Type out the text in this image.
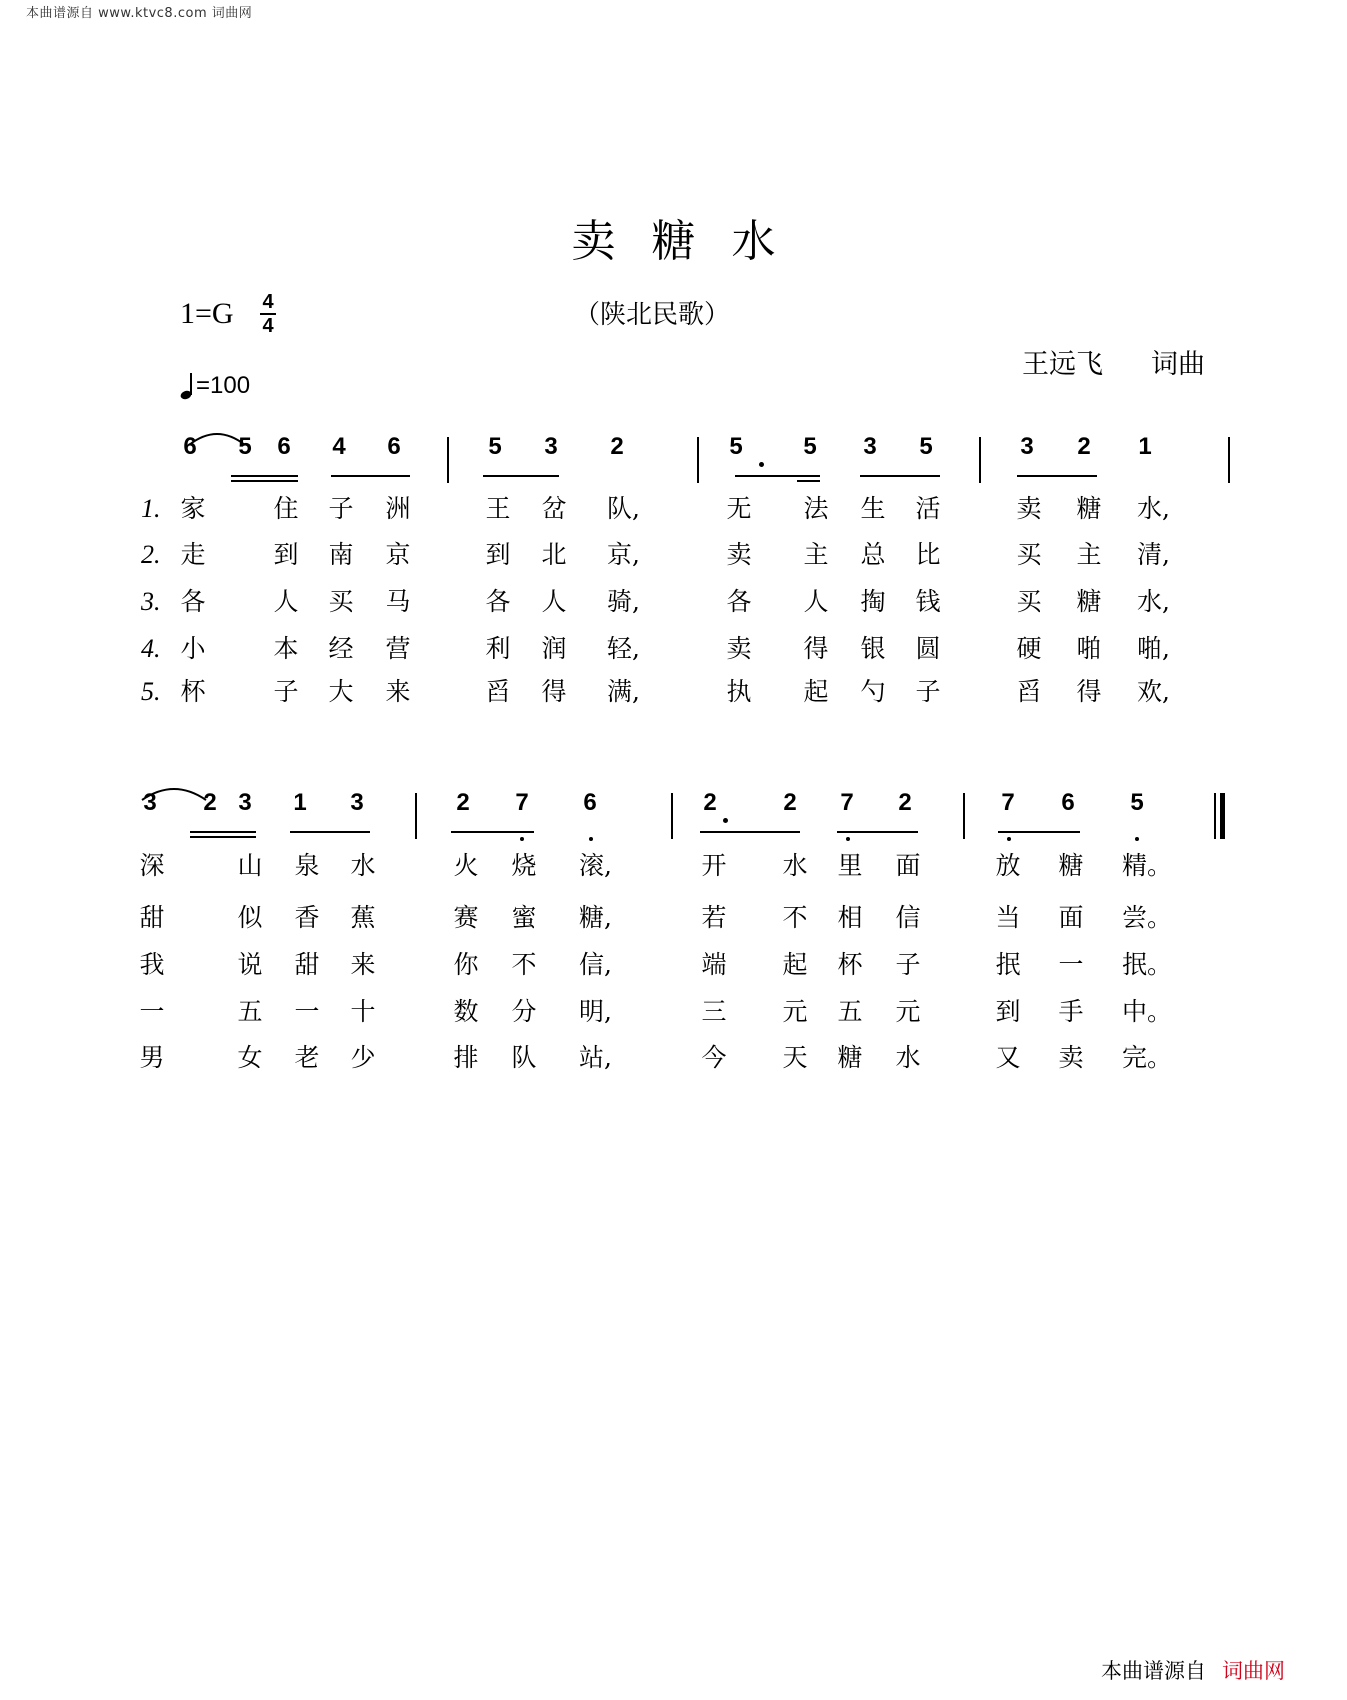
本曲谱源自 www.ktvc8.com 词曲网
卖糖水
1=G 4
4	（陕北民歌）
王远飞 词曲
=100
6 5 6 4 6	5 3 2	5	5 3 5	3 2 1
家	住 子 洲	王 岔 队,	无 法 生 活	卖 糖 水,
走	到 南 京	到 北 京,	卖 主 总 比	买 主 清,
各	人 买 马	各 人 骑,	各 人 掏 钱	买 糖 水,
小	本 经 营	利 润 轻,	卖 得 银 圆	硬 啪 啪,
杯	子 大 来	舀 得 满,	执 起 勺 子	舀 得 欢,
1.
2.
3.
4.
5.
3 2 3 1 3	2 7 6	2	2 7 2	7 6 5
深	山 泉 水	火 烧 滚,	开 水 里 面	放 糖 精。
甜	似 香 蕉	赛 蜜 糖,	若 不 相 信	当 面 尝。
我	说 甜 来	你 不 信,	端 起 杯 子	抿 一 抿。
一	五 一 十	数 分 明,	三 元 五 元	到 手 中。
男	女 老 少	排 队 站,	今 天 糖 水	又 卖 完。
本曲谱源自 词曲网
